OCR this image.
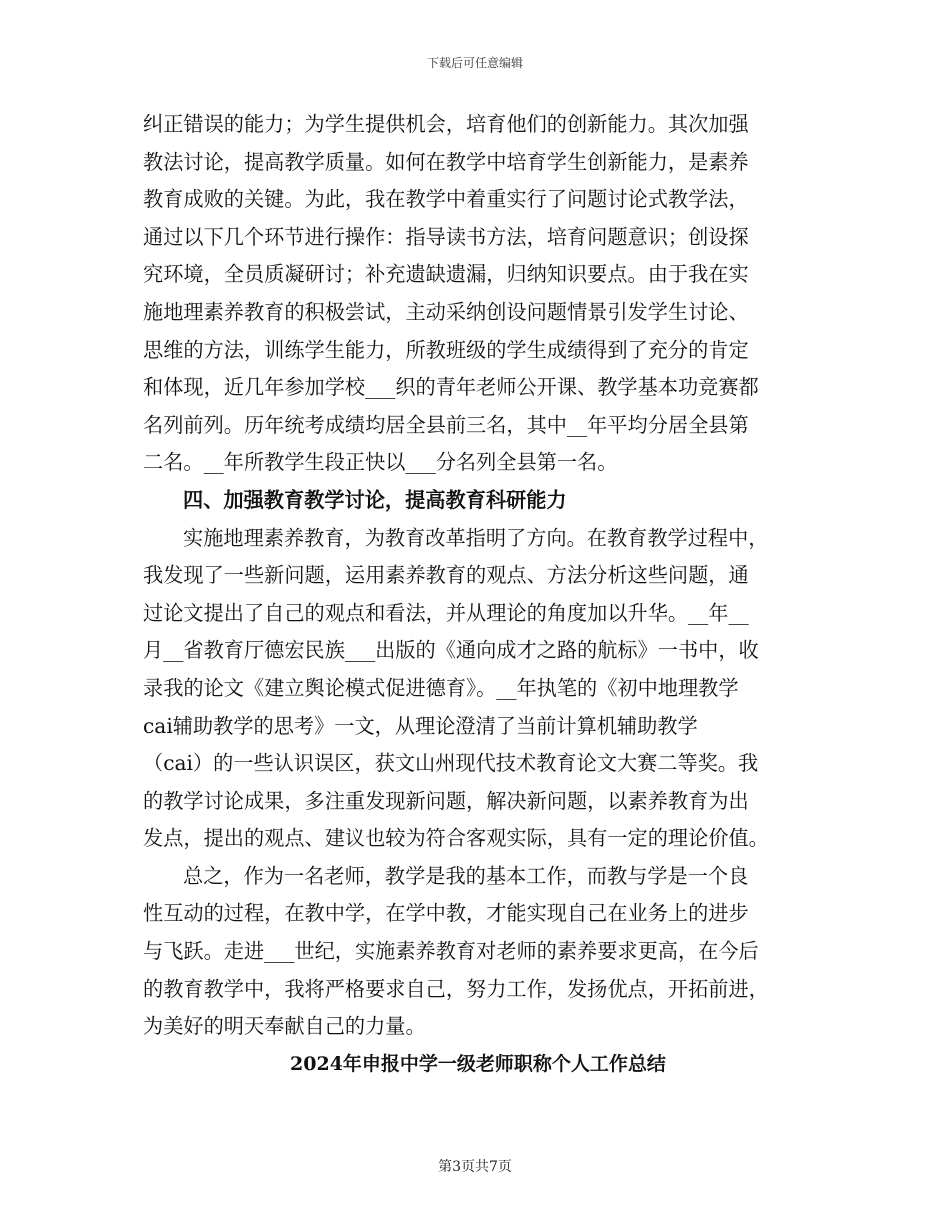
下载后可任意编辑
纠正错误的能力；为学生提供机会，培育他们的创新能力。其次加强
教法讨论，提高教学质量。如何在教学中培育学生创新能力，是素养
教育成败的关键。为此，我在教学中着重实行了问题讨论式教学法，
通过以下几个环节进行操作：指导读书方法，培育问题意识；创设探
究环境，全员质凝研讨；补充遗缺遗漏，归纳知识要点。由于我在实
施地理素养教育的积极尝试，主动采纳创设问题情景引发学生讨论、
思维的方法，训练学生能力，所教班级的学生成绩得到了充分的肯定
和体现，近几年参加学校___织的青年老师公开课、教学基本功竞赛都
名列前列。历年统考成绩均居全县前三名，其中__年平均分居全县第
二名。__年所教学生段正快以___分名列全县第一名。
四、加强教育教学讨论，提高教育科研能力
实施地理素养教育，为教育改革指明了方向。在教育教学过程中，
我发现了一些新问题，运用素养教育的观点、方法分析这些问题，通
过论文提出了自己的观点和看法，并从理论的角度加以升华。__年__
月__省教育厅德宏民族___出版的《通向成才之路的航标》一书中，收
录我的论文《建立舆论模式促进德育》。__年执笔的《初中地理教学
cai辅助教学的思考》一文，从理论澄清了当前计算机辅助教学
（cai）的一些认识误区，获文山州现代技术教育论文大赛二等奖。我
的教学讨论成果，多注重发现新问题，解决新问题，以素养教育为出
发点，提出的观点、建议也较为符合客观实际，具有一定的理论价值。
总之，作为一名老师，教学是我的基本工作，而教与学是一个良
性互动的过程，在教中学，在学中教，才能实现自己在业务上的进步
与飞跃。走进___世纪，实施素养教育对老师的素养要求更高，在今后
的教育教学中，我将严格要求自己，努力工作，发扬优点，开拓前进，
为美好的明天奉献自己的力量。
2024年申报中学一级老师职称个人工作总结
第3页共7页
